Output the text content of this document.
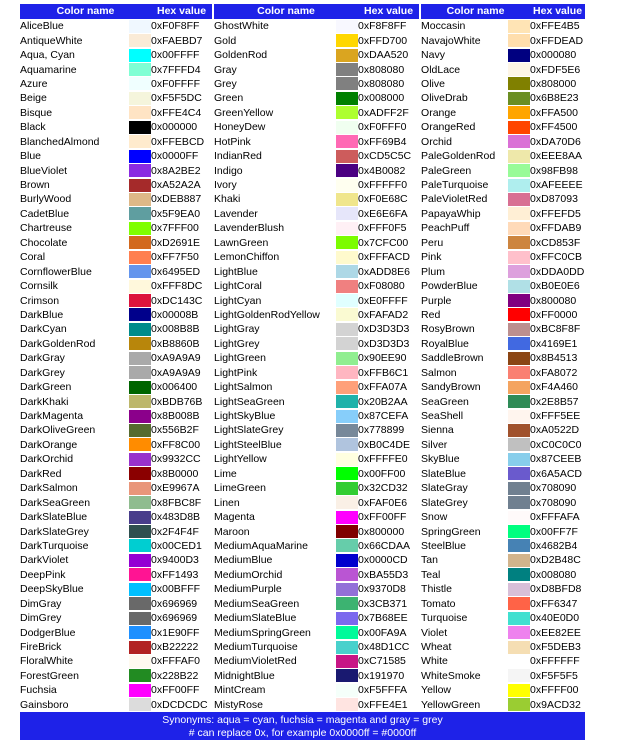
Color name		Hex value		Color name		Hex value		Color name		Hex value
AliceBlue		0xF0F8FF		GhostWhite		0xF8F8FF		Moccasin		0xFFE4B5
AntiqueWhite		0xFAEBD7		Gold		0xFFD700		NavajoWhite		0xFFDEAD
Aqua, Cyan		0x00FFFF		GoldenRod		0xDAA520		Navy		0x000080
Aquamarine		0x7FFFD4		Gray		0x808080		OldLace		0xFDF5E6
Azure		0xF0FFFF		Grey		0x808080		Olive		0x808000
Beige		0xF5F5DC		Green		0x008000		OliveDrab		0x6B8E23
Bisque		0xFFE4C4		GreenYellow		0xADFF2F		Orange		0xFFA500
Black		0x000000		HoneyDew		0xF0FFF0		OrangeRed		0xFF4500
BlanchedAlmond		0xFFEBCD		HotPink		0xFF69B4		Orchid		0xDA70D6
Blue		0x0000FF		IndianRed		0xCD5C5C		PaleGoldenRod		0xEEE8AA
BlueViolet		0x8A2BE2		Indigo		0x4B0082		PaleGreen		0x98FB98
Brown		0xA52A2A		Ivory		0xFFFFF0		PaleTurquoise		0xAFEEEE
BurlyWood		0xDEB887		Khaki		0xF0E68C		PaleVioletRed		0xD87093
CadetBlue		0x5F9EA0		Lavender		0xE6E6FA		PapayaWhip		0xFFEFD5
Chartreuse		0x7FFF00		LavenderBlush		0xFFF0F5		PeachPuff		0xFFDAB9
Chocolate		0xD2691E		LawnGreen		0x7CFC00		Peru		0xCD853F
Coral		0xFF7F50		LemonChiffon		0xFFFACD		Pink		0xFFC0CB
CornflowerBlue		0x6495ED		LightBlue		0xADD8E6		Plum		0xDDA0DD
Cornsilk		0xFFF8DC		LightCoral		0xF08080		PowderBlue		0xB0E0E6
Crimson		0xDC143C		LightCyan		0xE0FFFF		Purple		0x800080
DarkBlue		0x00008B		LightGoldenRodYellow		0xFAFAD2		Red		0xFF0000
DarkCyan		0x008B8B		LightGray		0xD3D3D3		RosyBrown		0xBC8F8F
DarkGoldenRod		0xB8860B		LightGrey		0xD3D3D3		RoyalBlue		0x4169E1
DarkGray		0xA9A9A9		LightGreen		0x90EE90		SaddleBrown		0x8B4513
DarkGrey		0xA9A9A9		LightPink		0xFFB6C1		Salmon		0xFA8072
DarkGreen		0x006400		LightSalmon		0xFFA07A		SandyBrown		0xF4A460
DarkKhaki		0xBDB76B		LightSeaGreen		0x20B2AA		SeaGreen		0x2E8B57
DarkMagenta		0x8B008B		LightSkyBlue		0x87CEFA		SeaShell		0xFFF5EE
DarkOliveGreen		0x556B2F		LightSlateGrey		0x778899		Sienna		0xA0522D
DarkOrange		0xFF8C00		LightSteelBlue		0xB0C4DE		Silver		0xC0C0C0
DarkOrchid		0x9932CC		LightYellow		0xFFFFE0		SkyBlue		0x87CEEB
DarkRed		0x8B0000		Lime		0x00FF00		SlateBlue		0x6A5ACD
DarkSalmon		0xE9967A		LimeGreen		0x32CD32		SlateGray		0x708090
DarkSeaGreen		0x8FBC8F		Linen		0xFAF0E6		SlateGrey		0x708090
DarkSlateBlue		0x483D8B		Magenta		0xFF00FF		Snow		0xFFFAFA
DarkSlateGrey		0x2F4F4F		Maroon		0x800000		SpringGreen		0x00FF7F
DarkTurquoise		0x00CED1		MediumAquaMarine		0x66CDAA		SteelBlue		0x4682B4
DarkViolet		0x9400D3		MediumBlue		0x0000CD		Tan		0xD2B48C
DeepPink		0xFF1493		MediumOrchid		0xBA55D3		Teal		0x008080
DeepSkyBlue		0x00BFFF		MediumPurple		0x9370D8		Thistle		0xD8BFD8
DimGray		0x696969		MediumSeaGreen		0x3CB371		Tomato		0xFF6347
DimGrey		0x696969		MediumSlateBlue		0x7B68EE		Turquoise		0x40E0D0
DodgerBlue		0x1E90FF		MediumSpringGreen		0x00FA9A		Violet		0xEE82EE
FireBrick		0xB22222		MediumTurquoise		0x48D1CC		Wheat		0xF5DEB3
FloralWhite		0xFFFAF0		MediumVioletRed		0xC71585		White		0xFFFFFF
ForestGreen		0x228B22		MidnightBlue		0x191970		WhiteSmoke		0xF5F5F5
Fuchsia		0xFF00FF		MintCream		0xF5FFFA		Yellow		0xFFFF00
Gainsboro		0xDCDCDC		MistyRose		0xFFE4E1		YellowGreen		0x9ACD32
Synonyms: aqua = cyan, fuchsia = magenta and gray = grey
# can replace 0x, for example 0x0000ff = #0000ff
